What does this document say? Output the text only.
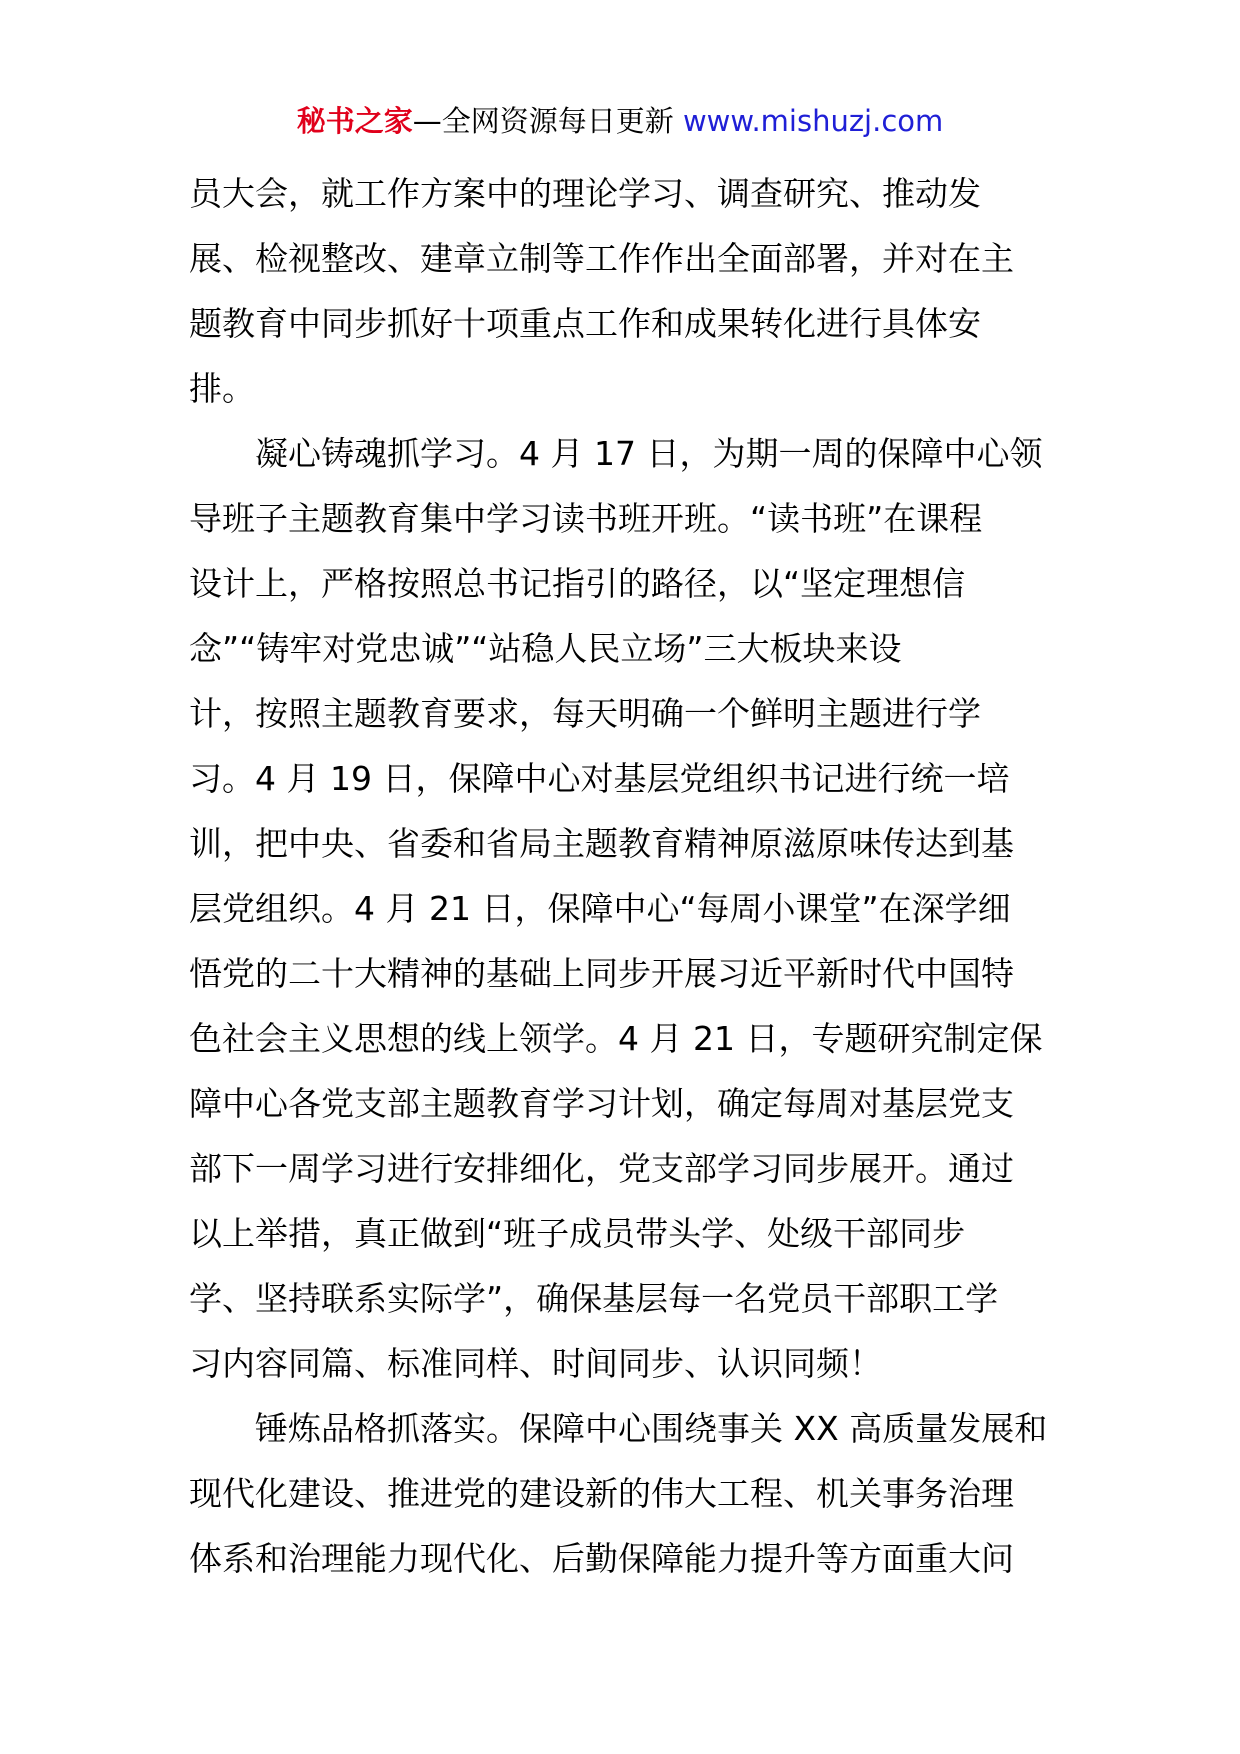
秘书之家—全网资源每日更新 www.mishuzj.com
员大会，就工作方案中的理论学习、调查研究、推动发
展、检视整改、建章立制等工作作出全面部署，并对在主
题教育中同步抓好十项重点工作和成果转化进行具体安
排。
凝心铸魂抓学习。4 月 17 日，为期一周的保障中心领
导班子主题教育集中学习读书班开班。“读书班”在课程
设计上，严格按照总书记指引的路径，以“坚定理想信
念”“铸牢对党忠诚”“站稳人民立场”三大板块来设
计，按照主题教育要求，每天明确一个鲜明主题进行学
习。4 月 19 日，保障中心对基层党组织书记进行统一培
训，把中央、省委和省局主题教育精神原滋原味传达到基
层党组织。4 月 21 日，保障中心“每周小课堂”在深学细
悟党的二十大精神的基础上同步开展习近平新时代中国特
色社会主义思想的线上领学。4 月 21 日，专题研究制定保
障中心各党支部主题教育学习计划，确定每周对基层党支
部下一周学习进行安排细化，党支部学习同步展开。通过
以上举措，真正做到“班子成员带头学、处级干部同步
学、坚持联系实际学”，确保基层每一名党员干部职工学
习内容同篇、标准同样、时间同步、认识同频！
锤炼品格抓落实。保障中心围绕事关 XX 高质量发展和
现代化建设、推进党的建设新的伟大工程、机关事务治理
体系和治理能力现代化、后勤保障能力提升等方面重大问
